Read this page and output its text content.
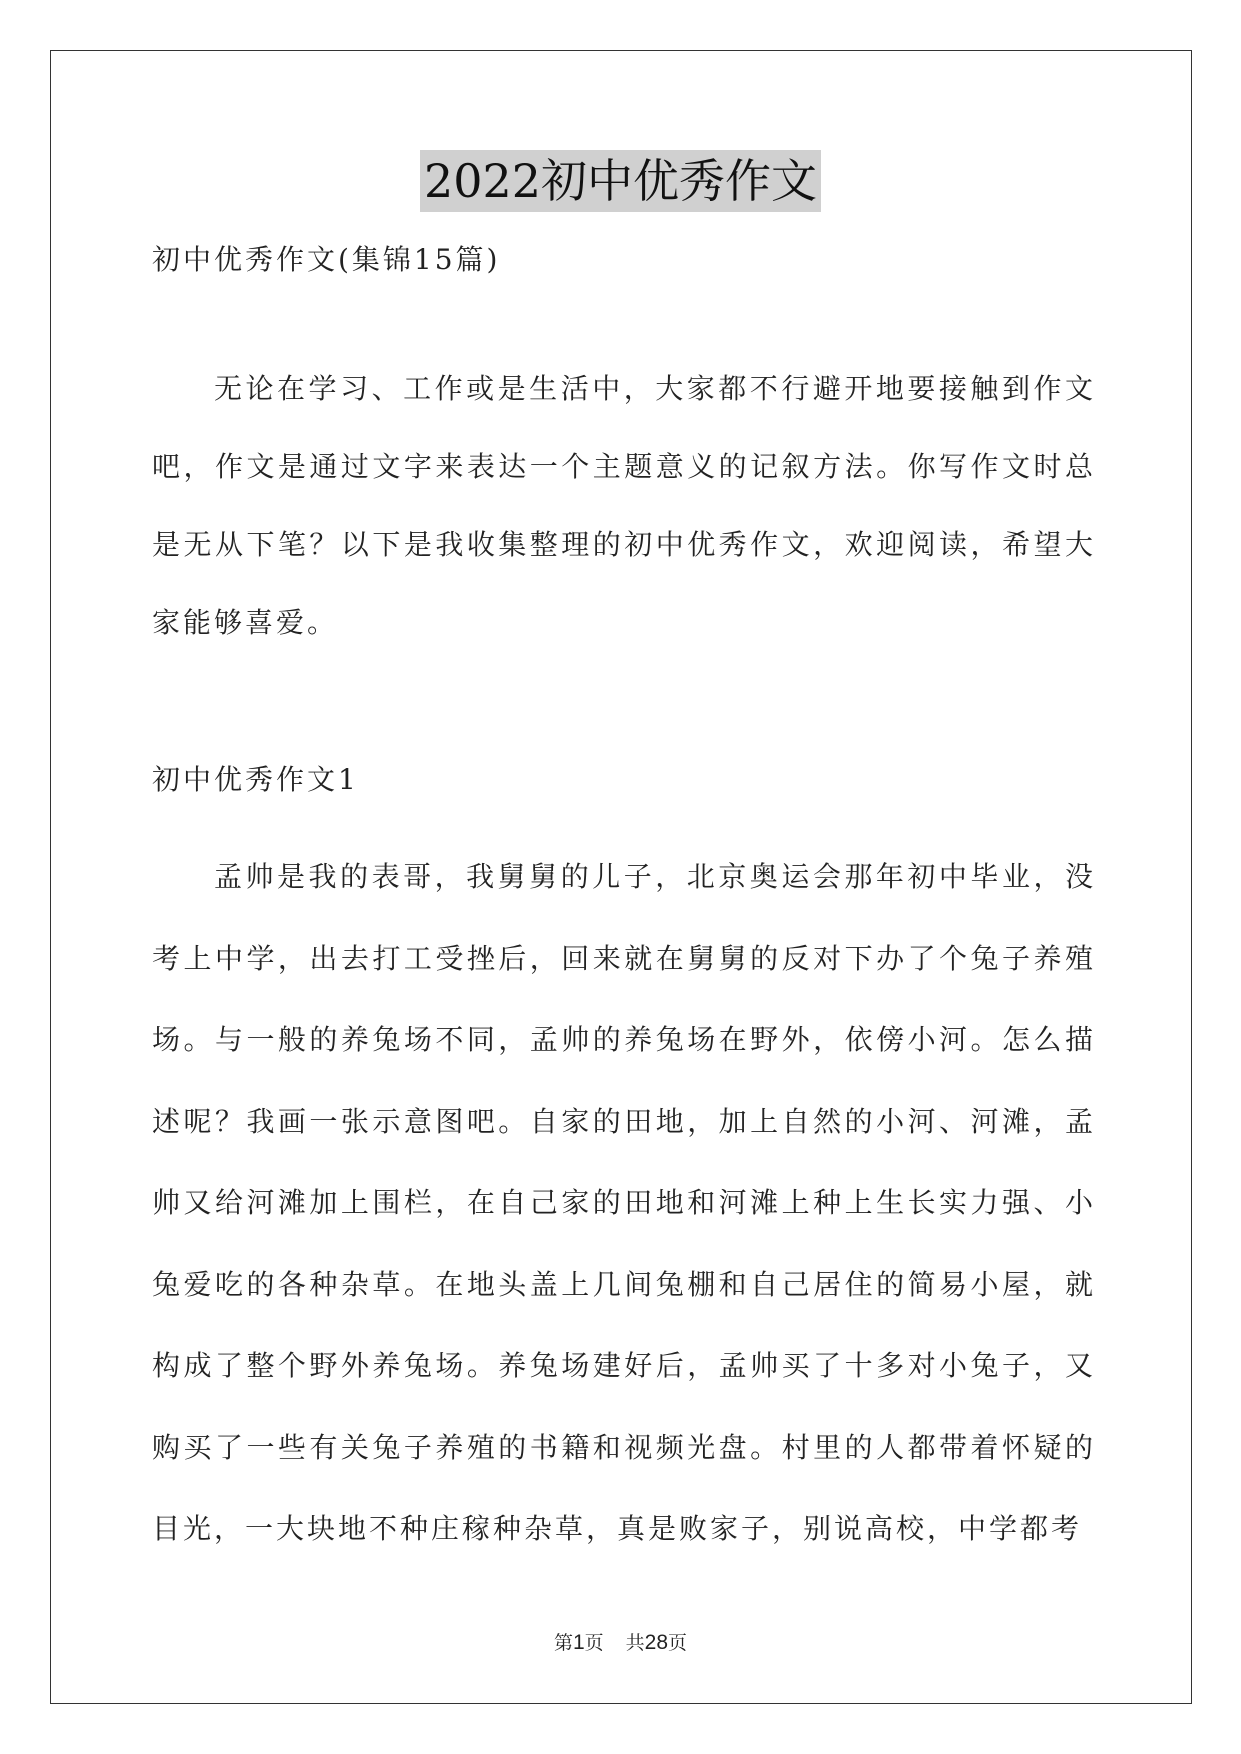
2022初中优秀作文
初中优秀作文(集锦15篇)
无论在学习、工作或是生活中，大家都不行避开地要接触到作文吧，作文是通过文字来表达一个主题意义的记叙方法。你写作文时总是无从下笔？以下是我收集整理的初中优秀作文，欢迎阅读，希望大家能够喜爱。
初中优秀作文1
孟帅是我的表哥，我舅舅的儿子，北京奥运会那年初中毕业，没考上中学，出去打工受挫后，回来就在舅舅的反对下办了个兔子养殖场。与一般的养兔场不同，孟帅的养兔场在野外，依傍小河。怎么描述呢？我画一张示意图吧。自家的田地，加上自然的小河、河滩，孟帅又给河滩加上围栏，在自己家的田地和河滩上种上生长实力强、小兔爱吃的各种杂草。在地头盖上几间兔棚和自己居住的简易小屋，就构成了整个野外养兔场。养兔场建好后，孟帅买了十多对小兔子，又购买了一些有关兔子养殖的书籍和视频光盘。村里的人都带着怀疑的目光，一大块地不种庄稼种杂草，真是败家子，别说高校，中学都考
第1页 共28页
